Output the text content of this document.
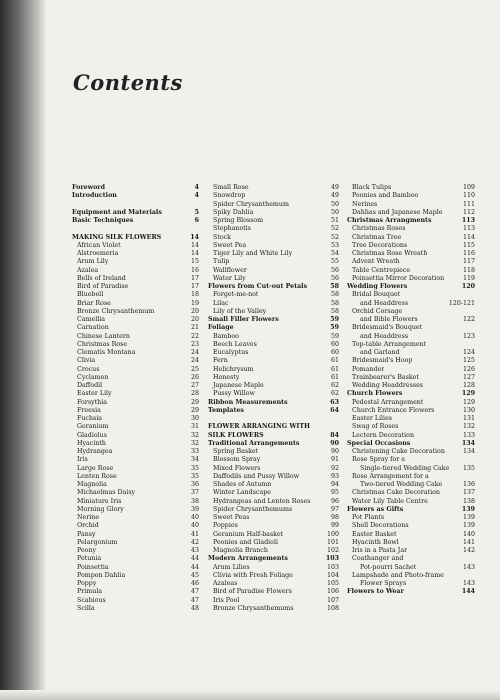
Contents
Foreword	4
Introduction	4
Equipment and Materials	5
Basic Techniques	6
MAKING SILK FLOWERS	14
African Violet	14
Alstroemeria	14
Arum Lily	15
Azalea	16
Bells of Ireland	17
Bird of Paradise	17
Bluebell	18
Briar Rose	19
Bronze Chrysanthemum	20
Camellia	20
Carnation	21
Chinese Lantern	22
Christmas Rose	23
Clematis Montana	24
Clivia	24
Crocus	25
Cyclamen	26
Daffodil	27
Easter Lily	28
Forsythia	29
Freesia	29
Fuchsia	30
Geranium	31
Gladiolus	32
Hyacinth	32
Hydrangea	33
Iris	34
Large Rose	35
Lenten Rose	35
Magnolia	36
Michaelmas Daisy	37
Miniature Iris	38
Morning Glory	39
Nerine	40
Orchid	40
Pansy	41
Pelargonium	42
Peony	43
Petunia	44
Poinsettia	44
Pompon Dahlia	45
Poppy	46
Primula	47
Scabious	47
Scilla	48
Small Rose	49
Snowdrop	49
Spider Chrysanthemum	50
Spiky Dahlia	50
Spring Blossom	51
Stephanotis	52
Stock	52
Sweet Pea	53
Tiger Lily and White Lily	54
Tulip	55
Wallflower	56
Water Lily	56
Flowers from Cut-out Petals	58
Forget-me-not	58
Lilac	58
Lily of the Valley	58
Small Filler Flowers	59
Foliage	59
Bamboo	59
Beech Leaves	60
Eucalyptus	60
Fern	61
Helichrysum	61
Honesty	61
Japanese Maple	62
Pussy Willow	62
Ribbon Measurements	63
Templates	64
FLOWER ARRANGING WITH
SILK FLOWERS	84
Traditional Arrangements	90
Spring Basket	90
Blossom Spray	91
Mixed Flowers	92
Daffodils and Pussy Willow	93
Shades of Autumn	94
Winter Landscape	95
Hydrangeas and Lenten Roses	96
Spider Chrysanthemums	97
Sweet Peas	98
Poppies	99
Geranium Half-basket	100
Peonies and Gladioli	101
Magnolia Branch	102
Modern Arrangements	103
Arum Lilies	103
Clivia with Fresh Foliage	104
Azaleas	105
Bird of Paradise Flowers	106
Iris Pool	107
Bronze Chrysanthemums	108
Black Tulips	109
Peonies and Bamboo	110
Nerines	111
Dahlias and Japanese Maple	112
Christmas Arrangments	113
Christmas Roses	113
Christmas Tree	114
Tree Decorations	115
Christmas Rose Wreath	116
Advent Wreath	117
Table Centrepiece	118
Poinsettia Mirror Decoration	119
Wedding Flowers	120
Bridal Bouquet
and Headdress	120-121
Orchid Corsage
and Bible Flowers	122
Bridesmaid's Bouquet
and Headdress	123
Top-table Arrangement
and Garland	124
Bridesmaid's Hoop	125
Pomander	126
Trainbearer's Basket	127
Wedding Headdresses	128
Church Flowers	129
Pedestal Arrangement	129
Church Entrance Flowers	130
Easter Lilies	131
Swag of Roses	132
Lectern Decoration	133
Special Occasions	134
Christening Cake Decoration	134
Rose Spray for a
Single-tiered Wedding Cake	135
Rose Arrangement for a
Two-tiered Wedding Cake	136
Christmas Cake Decoration	137
Water Lily Table Centre	138
Flowers as Gifts	139
Pot Plants	139
Shell Decorations	139
Easter Basket	140
Hyacinth Bowl	141
Iris in a Pasta Jar	142
Coathanger and
Pot-pourri Sachet	143
Lampshade and Photo-frame
Flower Sprays	143
Flowers to Wear	144
